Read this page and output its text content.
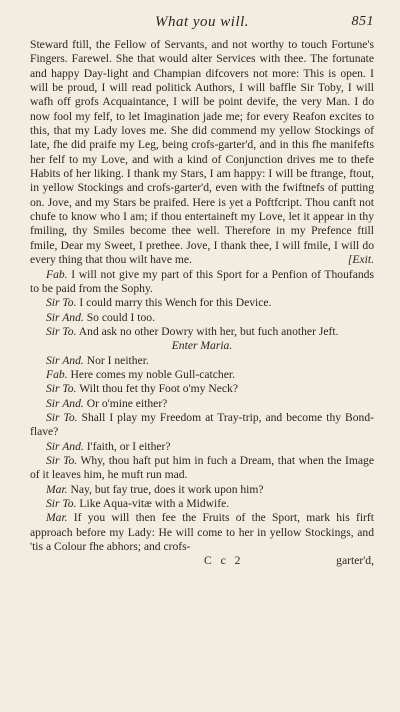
What you will.	851

Steward ftill, the Fellow of Servants, and not worthy to touch Fortune's Fingers. Farewel. She that would alter Services with thee. The fortunate and happy Day-light and Champian difcovers not more: This is open. I will be proud, I will read politick Authors, I will baffle Sir Toby, I will wafh off grofs Acquaintance, I will be point devife, the very Man. I do now fool my felf, to let Imagination jade me; for every Reafon excites to this, that my Lady loves me. She did commend my yellow Stockings of late, fhe did praife my Leg, being crofs-garter'd, and in this fhe manifefts her felf to my Love, and with a kind of Conjunction drives me to thefe Habits of her liking. I thank my Stars, I am happy: I will be ftrange, ftout, in yellow Stockings and crofs-garter'd, even with the fwiftnefs of putting on. Jove, and my Stars be praifed. Here is yet a Poftfcript. Thou canft not chufe to know who I am; if thou entertaineft my Love, let it appear in thy fmiling, thy Smiles become thee well. Therefore in my Prefence ftill fmile, Dear my Sweet, I prethee. Jove, I thank thee, I will fmile, I will do every thing that thou wilt have me.	[Exit.

Fab. I will not give my part of this Sport for a Penfion of Thoufands to be paid from the Sophy.

Sir To. I could marry this Wench for this Device.

Sir And. So could I too.

Sir To. And ask no other Dowry with her, but fuch another Jeft.

Enter Maria.

Sir And. Nor I neither.

Fab. Here comes my noble Gull-catcher.

Sir To. Wilt thou fet thy Foot o'my Neck?

Sir And. Or o'mine either?

Sir To. Shall I play my Freedom at Tray-trip, and become thy Bond-flave?

Sir And. I'faith, or I either?

Sir To. Why, thou haft put him in fuch a Dream, that when the Image of it leaves him, he muft run mad.

Mar. Nay, but fay true, does it work upon him?

Sir To. Like Aqua-vitæ with a Midwife.

Mar. If you will then fee the Fruits of the Sport, mark his firft approach before my Lady: He will come to her in yellow Stockings, and 'tis a Colour fhe abhors; and crofs-

C c 2	garter'd,
